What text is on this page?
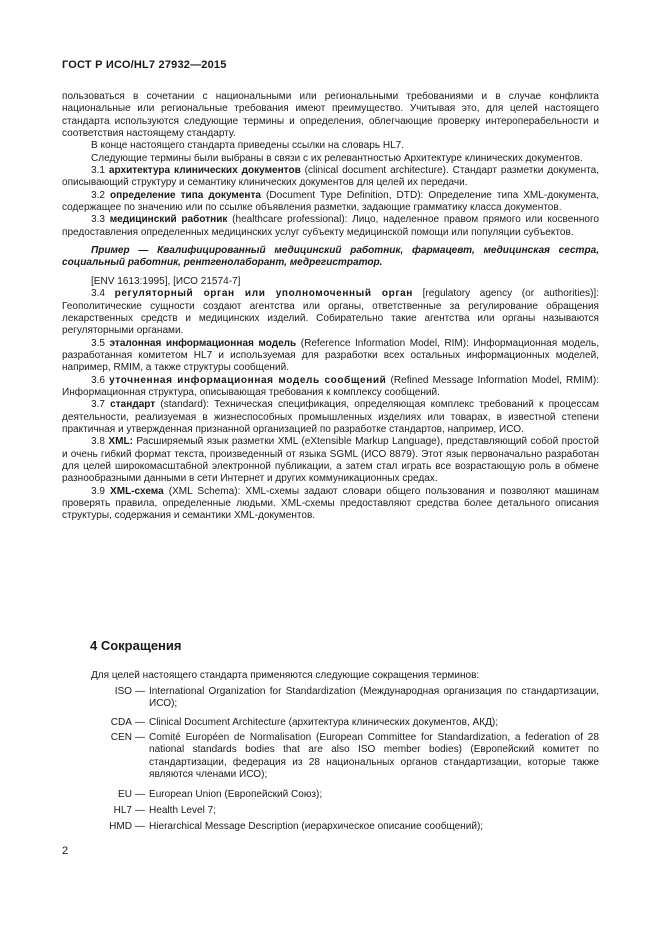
ГОСТ Р ИСО/HL7 27932—2015

пользоваться в сочетании с национальными или региональными требованиями и в случае конфликта национальные или региональные требования имеют преимущество. Учитывая это, для целей настоящего стандарта используются следующие термины и определения, облегчающие проверку интероперабельности и соответствия настоящему стандарту.

В конце настоящего стандарта приведены ссылки на словарь HL7.

Следующие термины были выбраны в связи с их релевантностью Архитектуре клинических документов.

3.1 архитектура клинических документов (clinical document architecture). Стандарт разметки документа, описывающий структуру и семантику клинических документов для целей их передачи.

3.2 определение типа документа (Document Type Definition, DTD): Определение типа XML-документа, содержащее по значению или по ссылке объявления разметки, задающие грамматику класса документов.

3.3 медицинский работник (healthcare professional): Лицо, наделенное правом прямого или косвенного предоставления определенных медицинских услуг субъекту медицинской помощи или популяции субъектов.

Пример — Квалифицированный медицинский работник, фармацевт, медицинская сестра, социальный работник, рентгенолаборант, медрегистратор.

[ENV 1613:1995], [ИСО 21574-7]

3.4 регуляторный орган или уполномоченный орган [regulatory agency (or authorities)]: Геополитические сущности создают агентства или органы, ответственные за регулирование обращения лекарственных средств и медицинских изделий. Собирательно такие агентства или органы называются регуляторными органами.

3.5 эталонная информационная модель (Reference Information Model, RIM): Информационная модель, разработанная комитетом HL7 и используемая для разработки всех остальных информационных моделей, например, RMIM, а также структуры сообщений.

3.6 уточненная информационная модель сообщений (Refined Message Information Model, RMIM): Информационная структура, описывающая требования к комплексу сообщений.

3.7 стандарт (standard): Техническая спецификация, определяющая комплекс требований к процессам деятельности, реализуемая в жизнеспособных промышленных изделиях или товарах, в известной степени практичная и утвержденная признанной организацией по разработке стандартов, например, ИСО.

3.8 XML: Расширяемый язык разметки XML (eXtensible Markup Language), представляющий собой простой и очень гибкий формат текста, произведенный от языка SGML (ИСО 8879). Этот язык первоначально разработан для целей широкомасштабной электронной публикации, а затем стал играть все возрастающую роль в обмене разнообразными данными в сети Интернет и других коммуникационных средах.

3.9 XML-схема (XML Schema): XML-схемы задают словари общего пользования и позволяют машинам проверять правила, определенные людьми. XML-схемы предоставляют средства более детального описания структуры, содержания и семантики XML-документов.

4 Сокращения
Для целей настоящего стандарта применяются следующие сокращения терминов:
ISO — International Organization for Standardization (Международная организация по стандартизации, ИСО);
CDA — Clinical Document Architecture (архитектура клинических документов, АКД);
CEN — Comité Européen de Normalisation (European Committee for Standardization, a federation of 28 national standards bodies that are also ISO member bodies) (Европейский комитет по стандартизации, федерация из 28 национальных органов стандартизации, которые также являются членами ИСО);
EU — European Union (Европейский Союз);
HL7 — Health Level 7;
HMD — Hierarchical Message Description (иерархическое описание сообщений);
2
